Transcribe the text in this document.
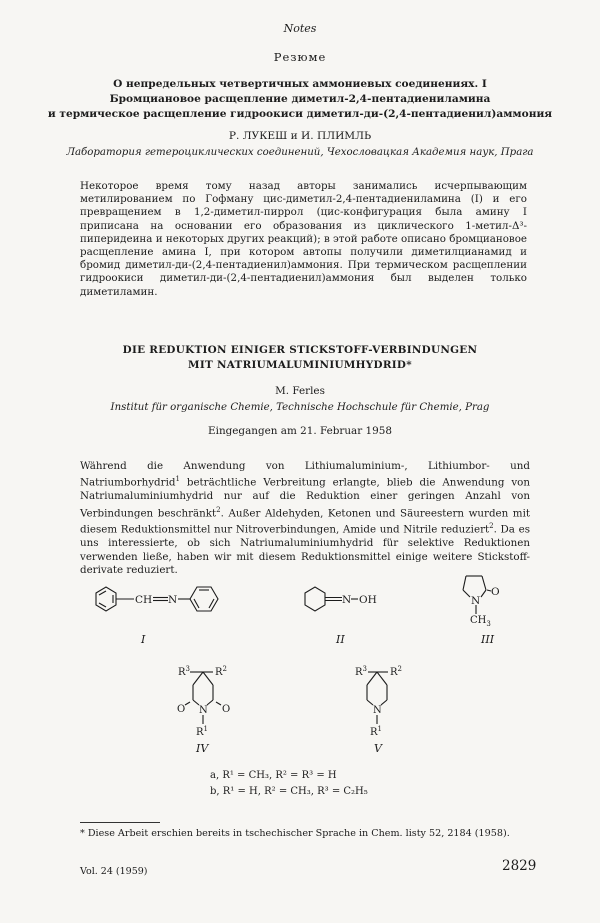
Notes
Резюме
О непредельных четвертичных аммониевых соединениях. I
Бромциановое расщепление диметил-2,4-пентадиениламина
и термическое расщепление гидроокиси диметил-ди-(2,4-пентадиенил)аммония
Р. ЛУКЕШ и И. ПЛИМЛЬ
Лаборатория гетероциклических соединений, Чехословацкая Академия наук, Прага
Некоторое время тому назад авторы занимались исчерпывающим метилированием по Гофману цис-диметил-2,4-пентадиениламина (I) и его превращением в 1,2-диметил-пиррол (цис-конфигурация была амину I приписана на основании его образования из циклического 1-метил-Δ³-пиперидеина и некоторых других реакций); в этой работе описано бромциановое расщепление амина I, при котором автопы получили диметилцианамид и бромид диметил-ди-(2,4-пентадиенил)аммония. При термическом расщеплении гидроокиси диметил-ди-(2,4-пентадиенил)аммония был выделен только диметиламин.
DIE REDUKTION EINIGER STICKSTOFF-VERBINDUNGEN
MIT NATRIUMALUMINIUMHYDRID*
M. Ferles
Institut für organische Chemie, Technische Hochschule für Chemie, Prag
Eingegangen am 21. Februar 1958
Während die Anwendung von Lithiumaluminium-, Lithiumbor- und Natriumborhydrid$^1$ beträchtliche Verbreitung erlangte, blieb die Anwendung von Natriumaluminiumhydrid nur auf die Reduktion einer geringen Anzahl von Verbindungen beschränkt$^2$. Außer Aldehyden, Ketonen und Säureestern wurden mit diesem Reduktionsmittel nur Nitroverbindungen, Amide und Nitrile reduziert$^2$. Da es uns interessierte, ob sich Natriumaluminiumhydrid für selektive Reduktionen verwenden ließe, haben wir mit diesem Reduktionsmittel einige weitere Stickstoff-derivate reduziert.
CH N	N OH	N
O
$CH_3$
$R^3$	$R^2$
O N O
$R^1$
$R^3$ $R^2$
N
$R^1$
I	II	III
IV	V
a, R¹ = CH₃, R² = R³ = H
b, R¹ = H, R² = CH₃, R³ = C₂H₅
* Diese Arbeit erschien bereits in tschechischer Sprache in Chem. listy 52, 2184 (1958).
Vol. 24 (1959)	2829
